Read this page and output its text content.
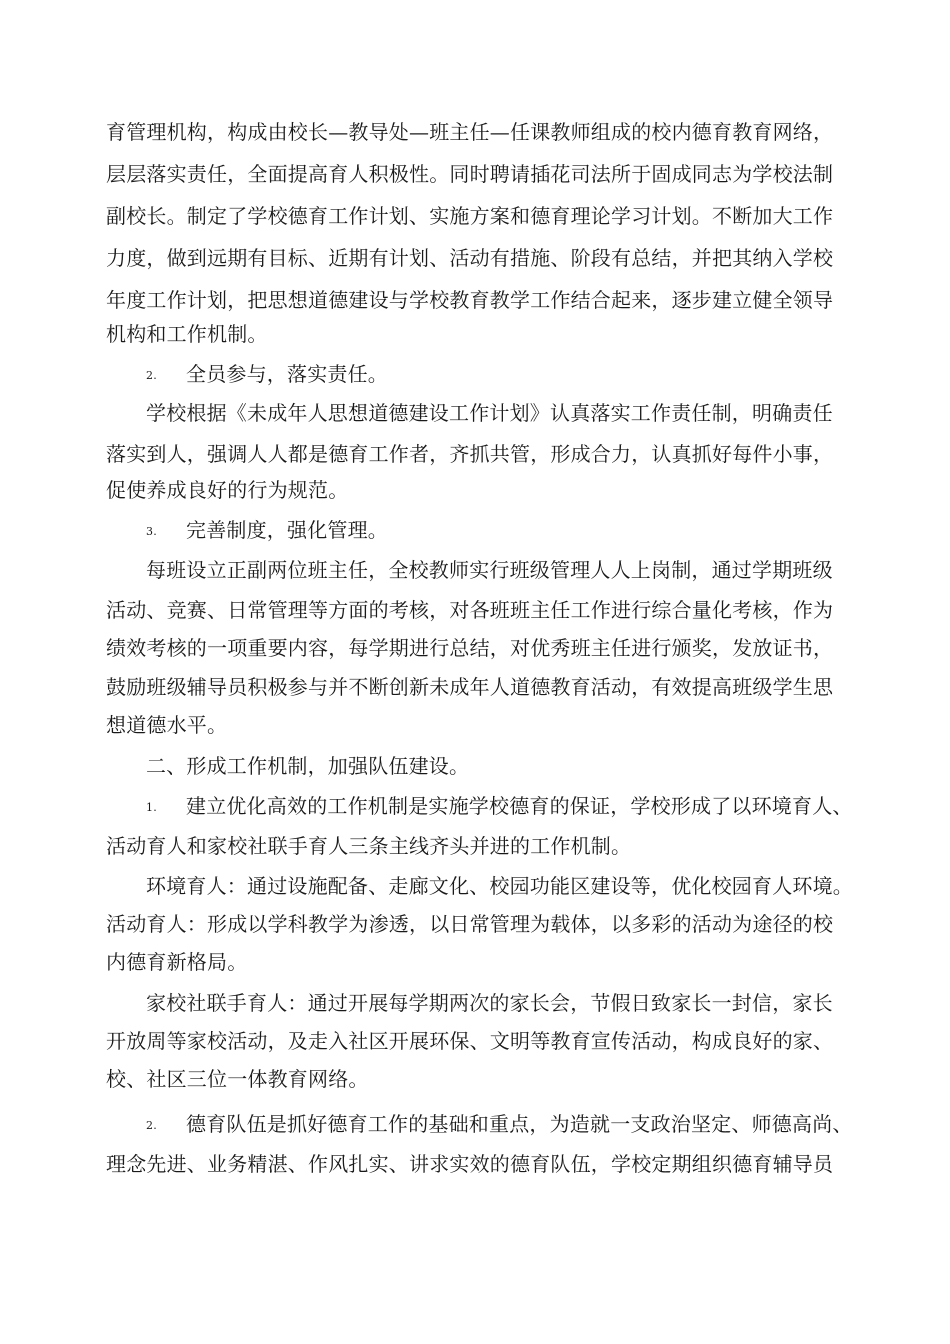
育管理机构，构成由校长—教导处—班主任—任课教师组成的校内德育教育网络，
层层落实责任，全面提高育人积极性。同时聘请插花司法所于固成同志为学校法制
副校长。制定了学校德育工作计划、实施方案和德育理论学习计划。不断加大工作
力度，做到远期有目标、近期有计划、活动有措施、阶段有总结，并把其纳入学校
年度工作计划，把思想道德建设与学校教育教学工作结合起来，逐步建立健全领导
机构和工作机制。
2. 全员参与，落实责任。
学校根据《未成年人思想道德建设工作计划》认真落实工作责任制，明确责任
落实到人，强调人人都是德育工作者，齐抓共管，形成合力，认真抓好每件小事，
促使养成良好的行为规范。
3. 完善制度，强化管理。
每班设立正副两位班主任，全校教师实行班级管理人人上岗制，通过学期班级
活动、竞赛、日常管理等方面的考核，对各班班主任工作进行综合量化考核，作为
绩效考核的一项重要内容，每学期进行总结，对优秀班主任进行颁奖，发放证书，
鼓励班级辅导员积极参与并不断创新未成年人道德教育活动，有效提高班级学生思
想道德水平。
二、形成工作机制，加强队伍建设。
1. 建立优化高效的工作机制是实施学校德育的保证，学校形成了以环境育人、
活动育人和家校社联手育人三条主线齐头并进的工作机制。
环境育人：通过设施配备、走廊文化、校园功能区建设等，优化校园育人环境。
活动育人：形成以学科教学为渗透，以日常管理为载体，以多彩的活动为途径的校
内德育新格局。
家校社联手育人：通过开展每学期两次的家长会，节假日致家长一封信，家长
开放周等家校活动，及走入社区开展环保、文明等教育宣传活动，构成良好的家、
校、社区三位一体教育网络。
2. 德育队伍是抓好德育工作的基础和重点，为造就一支政治坚定、师德高尚、
理念先进、业务精湛、作风扎实、讲求实效的德育队伍，学校定期组织德育辅导员
